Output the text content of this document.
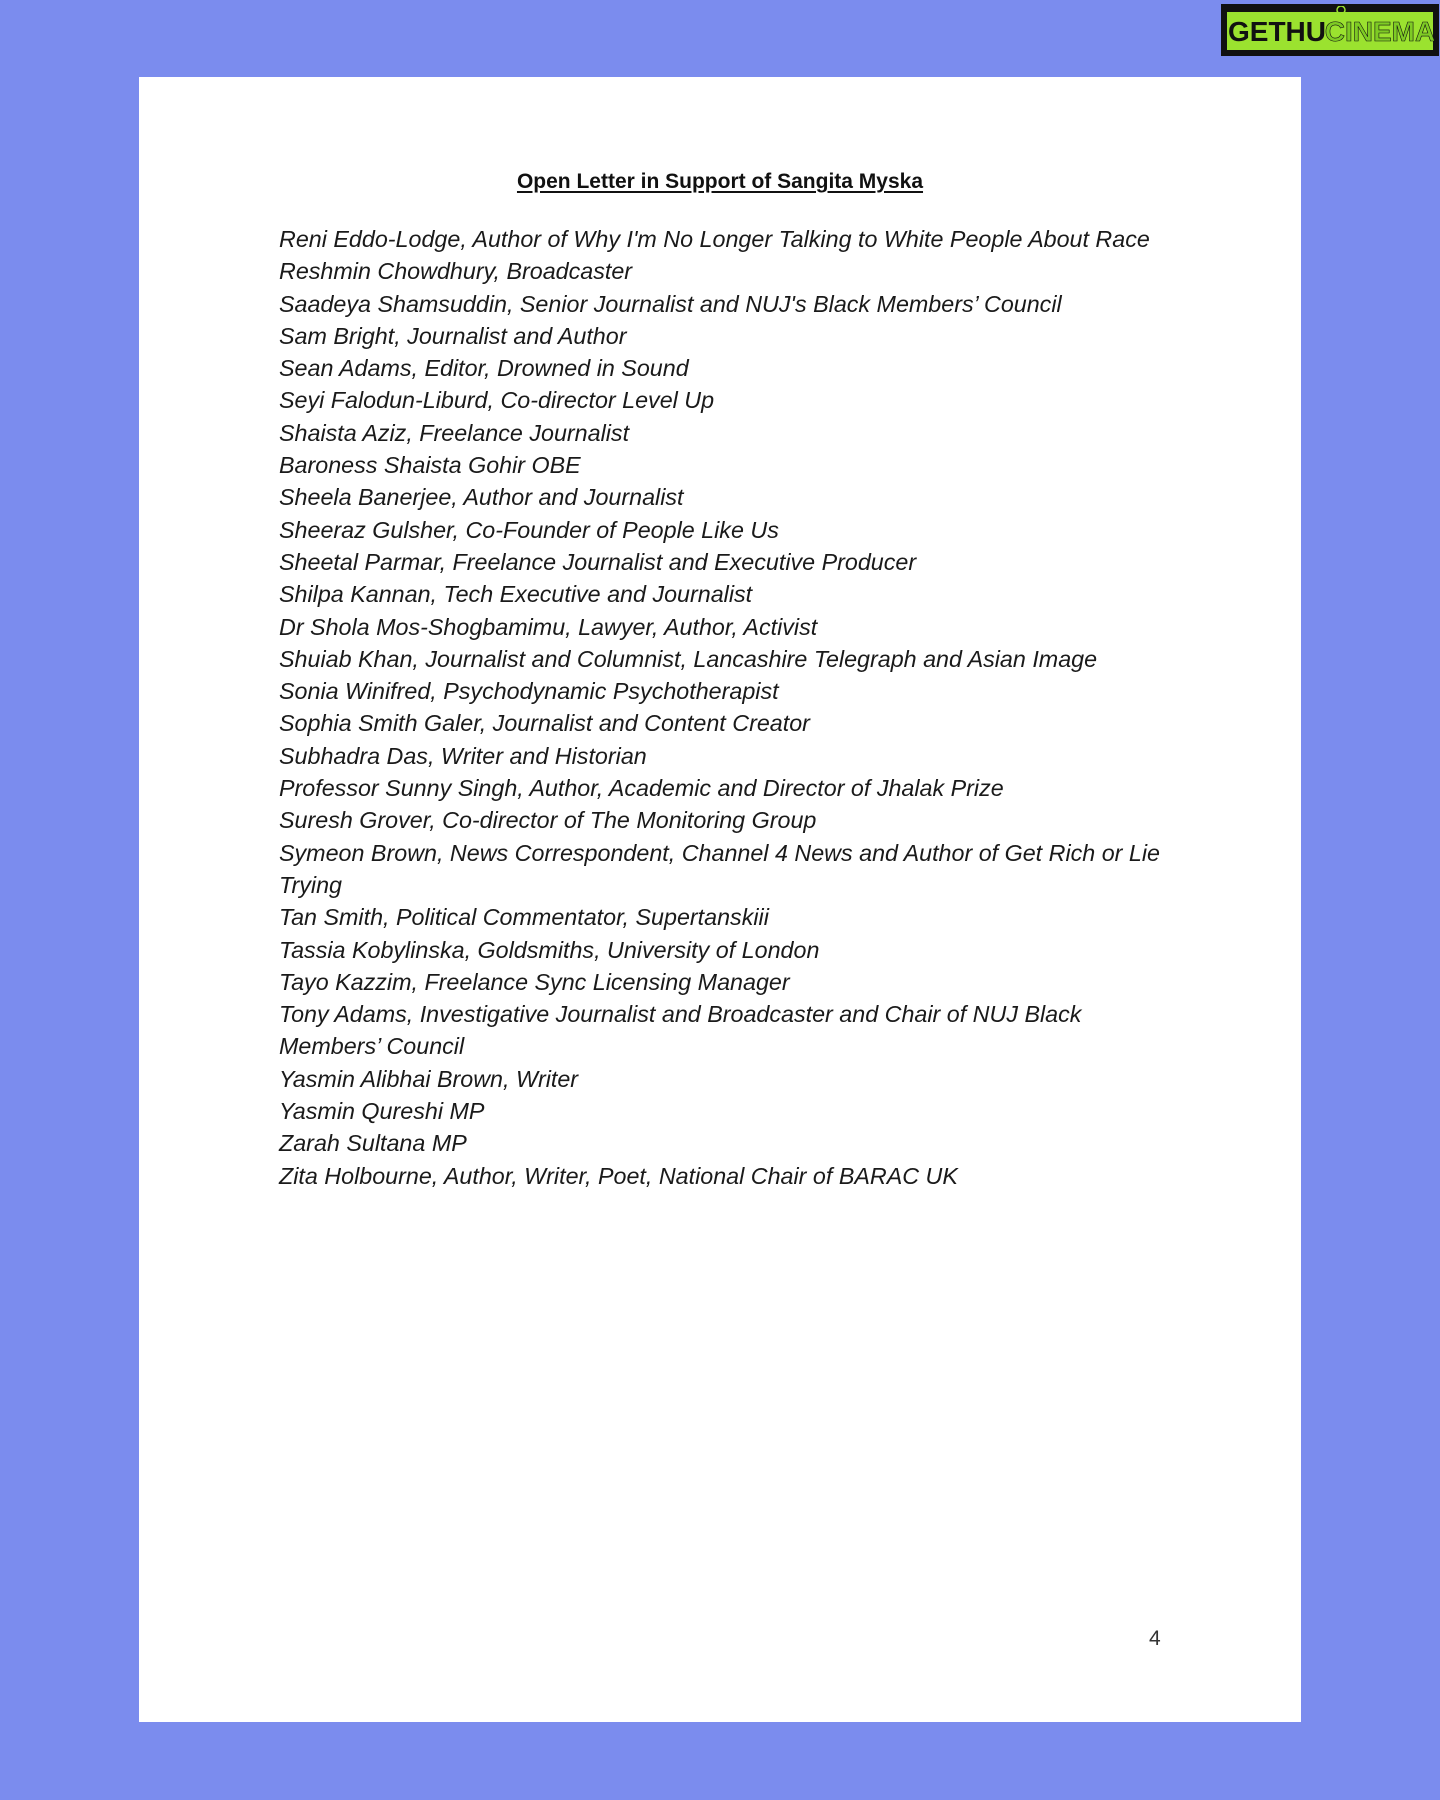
GETHU
CINEMA
Open Letter in Support of Sangita Myska
Reni Eddo-Lodge, Author of Why I'm No Longer Talking to White People About Race
Reshmin Chowdhury, Broadcaster
Saadeya Shamsuddin, Senior Journalist and NUJ's Black Members’ Council
Sam Bright, Journalist and Author
Sean Adams, Editor, Drowned in Sound
Seyi Falodun-Liburd, Co-director Level Up
Shaista Aziz, Freelance Journalist
Baroness Shaista Gohir OBE
Sheela Banerjee, Author and Journalist
Sheeraz Gulsher, Co-Founder of People Like Us
Sheetal Parmar, Freelance Journalist and Executive Producer
Shilpa Kannan, Tech Executive and Journalist
Dr Shola Mos-Shogbamimu, Lawyer, Author, Activist
Shuiab Khan, Journalist and Columnist, Lancashire Telegraph and Asian Image
Sonia Winifred, Psychodynamic Psychotherapist
Sophia Smith Galer, Journalist and Content Creator
Subhadra Das, Writer and Historian
Professor Sunny Singh, Author, Academic and Director of Jhalak Prize
Suresh Grover, Co-director of The Monitoring Group
Symeon Brown, News Correspondent, Channel 4 News and Author of Get Rich or Lie Trying
Tan Smith, Political Commentator, Supertanskiii
Tassia Kobylinska, Goldsmiths, University of London
Tayo Kazzim, Freelance Sync Licensing Manager
Tony Adams, Investigative Journalist and Broadcaster and Chair of NUJ Black Members’ Council
Yasmin Alibhai Brown, Writer
Yasmin Qureshi MP
Zarah Sultana MP
Zita Holbourne, Author, Writer, Poet, National Chair of BARAC UK
4
